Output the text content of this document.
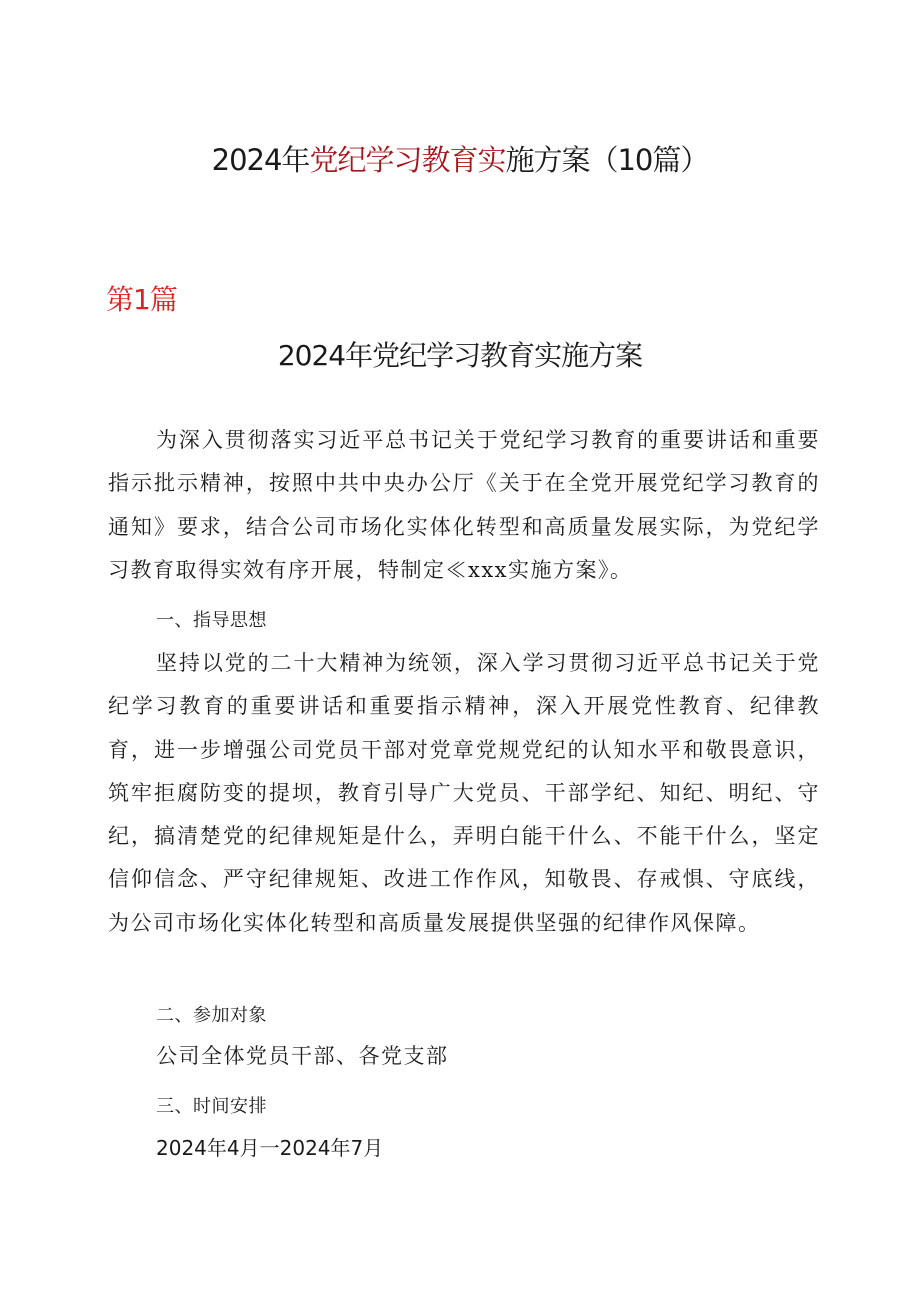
2024年党纪学习教育实施方案（10篇）
第1篇
2024年党纪学习教育实施方案

为深入贯彻落实习近平总书记关于党纪学习教育的重要讲话和重要指示批示精神，按照中共中央办公厅《关于在全党开展党纪学习教育的通知》要求，结合公司市场化实体化转型和高质量发展实际，为党纪学习教育取得实效有序开展，特制定≪xxx实施方案》。

一、指导思想

坚持以党的二十大精神为统领，深入学习贯彻习近平总书记关于党纪学习教育的重要讲话和重要指示精神，深入开展党性教育、纪律教育，进一步增强公司党员干部对党章党规党纪的认知水平和敬畏意识，筑牢拒腐防变的提坝，教育引导广大党员、干部学纪、知纪、明纪、守纪，搞清楚党的纪律规矩是什么，弄明白能干什么、不能干什么，坚定信仰信念、严守纪律规矩、改进工作作风，知敬畏、存戒惧、守底线，为公司市场化实体化转型和高质量发展提供坚强的纪律作风保障。

二、参加对象

公司全体党员干部、各党支部

三、时间安排

2024年4月一2024年7月
